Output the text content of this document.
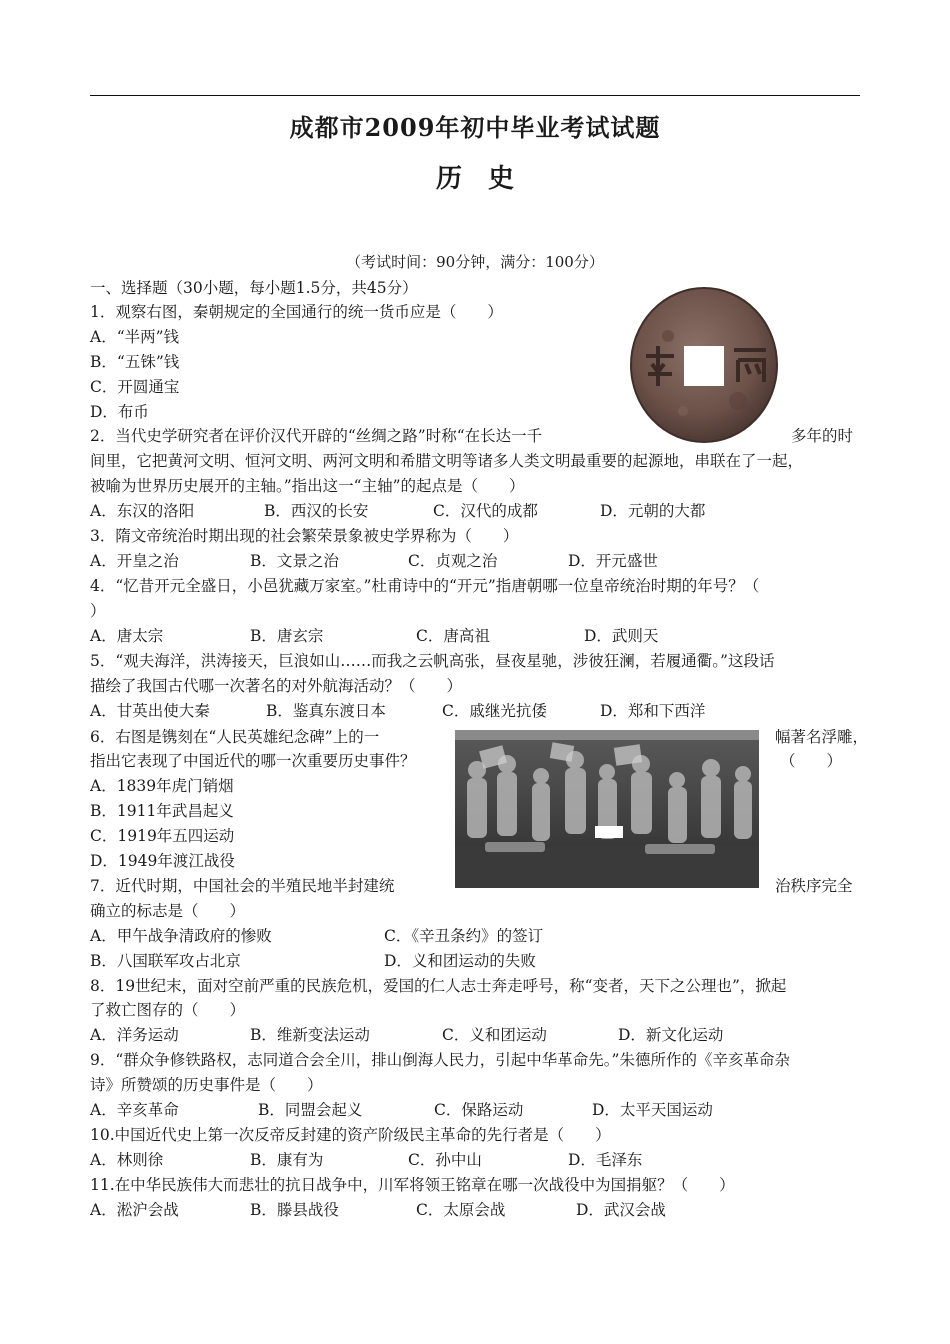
成都市2009年初中毕业考试试题
历　史
（考试时间：90分钟，满分：100分）
一、选择题（30小题，每小题1.5分，共45分）
1．观察右图，秦朝规定的全国通行的统一货币应是（　　）
A．“半两”钱
B．“五铢”钱
C．开圆通宝
D．布币
2．当代史学研究者在评价汉代开辟的“丝绸之路”时称“在长达一千	多年的时
间里，它把黄河文明、恒河文明、两河文明和希腊文明等诸多人类文明最重要的起源地，串联在了一起，
被喻为世界历史展开的主轴。”指出这一“主轴”的起点是（　　）
A．东汉的洛阳	B．西汉的长安	C．汉代的成都	D．元朝的大都
3．隋文帝统治时期出现的社会繁荣景象被史学界称为（　　）
A．开皇之治	B．文景之治	C．贞观之治	D．开元盛世
4．“忆昔开元全盛日，小邑犹藏万家室。”杜甫诗中的“开元”指唐朝哪一位皇帝统治时期的年号？（
）
A．唐太宗	B．唐玄宗	C．唐高祖	D．武则天
5．“观夫海洋，洪涛接天，巨浪如山……而我之云帆高张，昼夜星驰，涉彼狂澜，若履通衢。”这段话
描绘了我国古代哪一次著名的对外航海活动？（　　）
A．甘英出使大秦	B．鉴真东渡日本	C．戚继光抗倭	D．郑和下西洋
6．右图是镌刻在“人民英雄纪念碑”上的一	幅著名浮雕，
指出它表现了中国近代的哪一次重要历史事件？	（　　）
A．1839年虎门销烟
B．1911年武昌起义
C．1919年五四运动
D．1949年渡江战役
7．近代时期，中国社会的半殖民地半封建统	治秩序完全
确立的标志是（　　）
A．甲午战争清政府的惨败	C．《辛丑条约》的签订
B．八国联军攻占北京	D．义和团运动的失败
8．19世纪末，面对空前严重的民族危机，爱国的仁人志士奔走呼号，称“变者，天下之公理也”，掀起
了救亡图存的（　　）
A．洋务运动	B．维新变法运动	C．义和团运动	D．新文化运动
9．“群众争修铁路权，志同道合会全川，排山倒海人民力，引起中华革命先。”朱德所作的《辛亥革命杂
诗》所赞颂的历史事件是（　　）
A．辛亥革命	B．同盟会起义	C．保路运动	D．太平天国运动
10.中国近代史上第一次反帝反封建的资产阶级民主革命的先行者是（　　）
A．林则徐	B．康有为	C．孙中山	D．毛泽东
11.在中华民族伟大而悲壮的抗日战争中，川军将领王铭章在哪一次战役中为国捐躯？（　　）
A．淞沪会战	B．滕县战役	C．太原会战	D．武汉会战
